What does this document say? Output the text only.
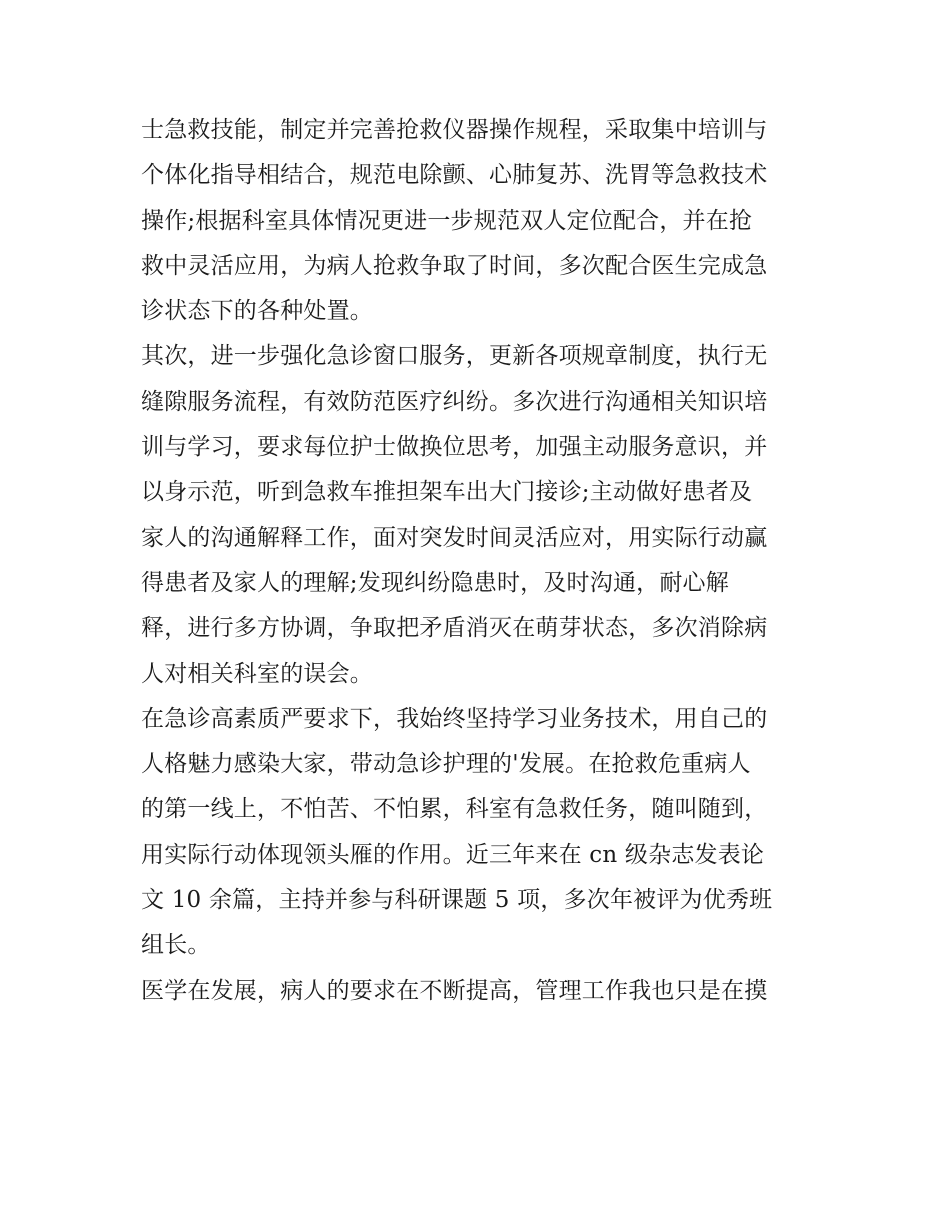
士急救技能，制定并完善抢救仪器操作规程，采取集中培训与
个体化指导相结合，规范电除颤、心肺复苏、洗胃等急救技术
操作;根据科室具体情况更进一步规范双人定位配合，并在抢
救中灵活应用，为病人抢救争取了时间，多次配合医生完成急
诊状态下的各种处置。
其次，进一步强化急诊窗口服务，更新各项规章制度，执行无
缝隙服务流程，有效防范医疗纠纷。多次进行沟通相关知识培
训与学习，要求每位护士做换位思考，加强主动服务意识，并
以身示范，听到急救车推担架车出大门接诊;主动做好患者及
家人的沟通解释工作，面对突发时间灵活应对，用实际行动赢
得患者及家人的理解;发现纠纷隐患时，及时沟通，耐心解
释，进行多方协调，争取把矛盾消灭在萌芽状态，多次消除病
人对相关科室的误会。
在急诊高素质严要求下，我始终坚持学习业务技术，用自己的
人格魅力感染大家，带动急诊护理的'发展。在抢救危重病人
的第一线上，不怕苦、不怕累，科室有急救任务，随叫随到，
用实际行动体现领头雁的作用。近三年来在 cn 级杂志发表论
文 10 余篇，主持并参与科研课题 5 项，多次年被评为优秀班
组长。
医学在发展，病人的要求在不断提高，管理工作我也只是在摸
